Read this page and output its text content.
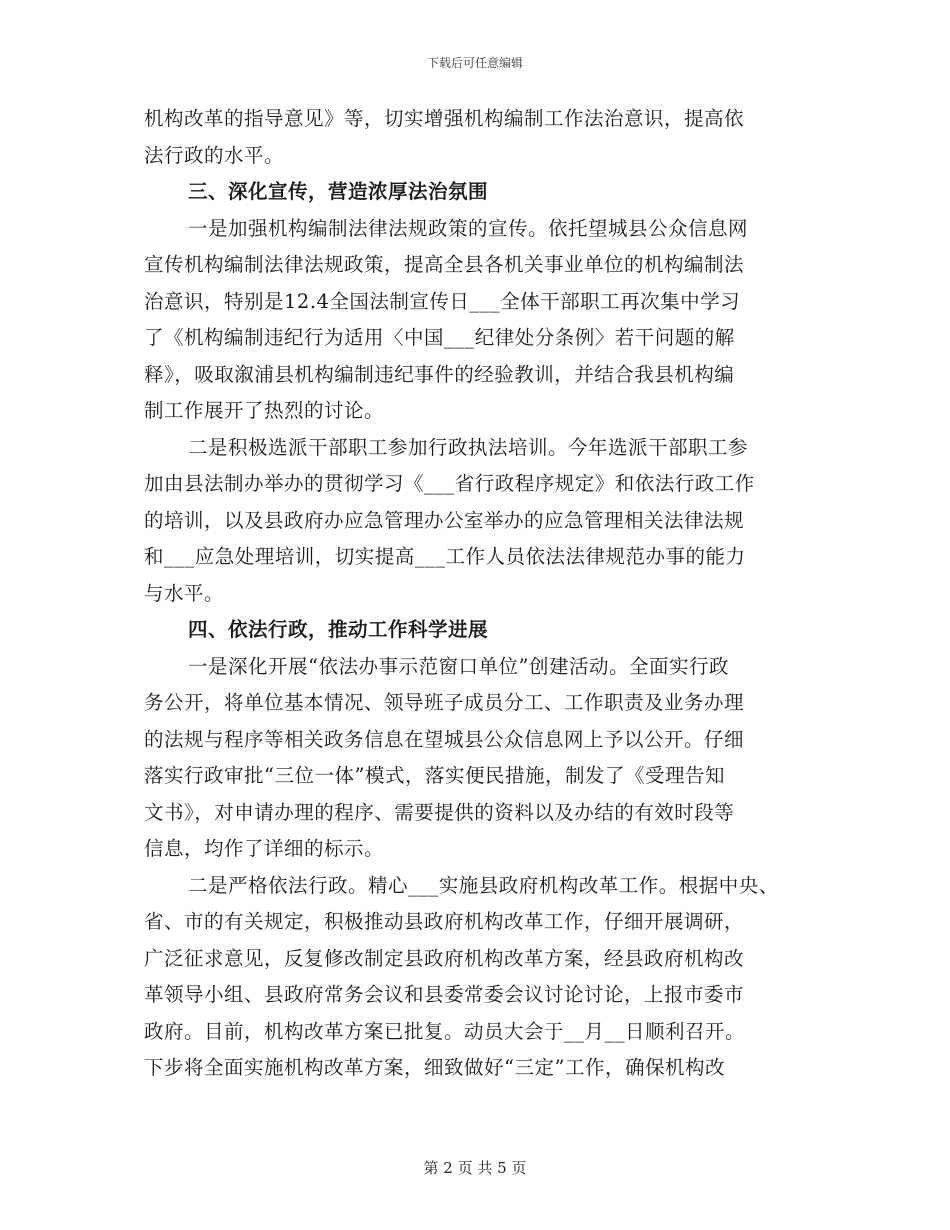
下载后可任意编辑
机构改革的指导意见》等，切实增强机构编制工作法治意识，提高依
法行政的水平。
三、深化宣传，营造浓厚法治氛围
一是加强机构编制法律法规政策的宣传。依托望城县公众信息网
宣传机构编制法律法规政策，提高全县各机关事业单位的机构编制法
治意识，特别是12.4全国法制宣传日___全体干部职工再次集中学习
了《机构编制违纪行为适用〈中国___纪律处分条例〉若干问题的解
释》，吸取溆浦县机构编制违纪事件的经验教训，并结合我县机构编
制工作展开了热烈的讨论。
二是积极选派干部职工参加行政执法培训。今年选派干部职工参
加由县法制办举办的贯彻学习《___省行政程序规定》和依法行政工作
的培训，以及县政府办应急管理办公室举办的应急管理相关法律法规
和___应急处理培训，切实提高___工作人员依法法律规范办事的能力
与水平。
四、依法行政，推动工作科学进展
一是深化开展“依法办事示范窗口单位”创建活动。全面实行政
务公开，将单位基本情况、领导班子成员分工、工作职责及业务办理
的法规与程序等相关政务信息在望城县公众信息网上予以公开。仔细
落实行政审批“三位一体”模式，落实便民措施，制发了《受理告知
文书》，对申请办理的程序、需要提供的资料以及办结的有效时段等
信息，均作了详细的标示。
二是严格依法行政。精心___实施县政府机构改革工作。根据中央、
省、市的有关规定，积极推动县政府机构改革工作，仔细开展调研，
广泛征求意见，反复修改制定县政府机构改革方案，经县政府机构改
革领导小组、县政府常务会议和县委常委会议讨论讨论，上报市委市
政府。目前，机构改革方案已批复。动员大会于__月__日顺利召开。
下步将全面实施机构改革方案，细致做好“三定”工作，确保机构改
第 2 页 共 5 页
